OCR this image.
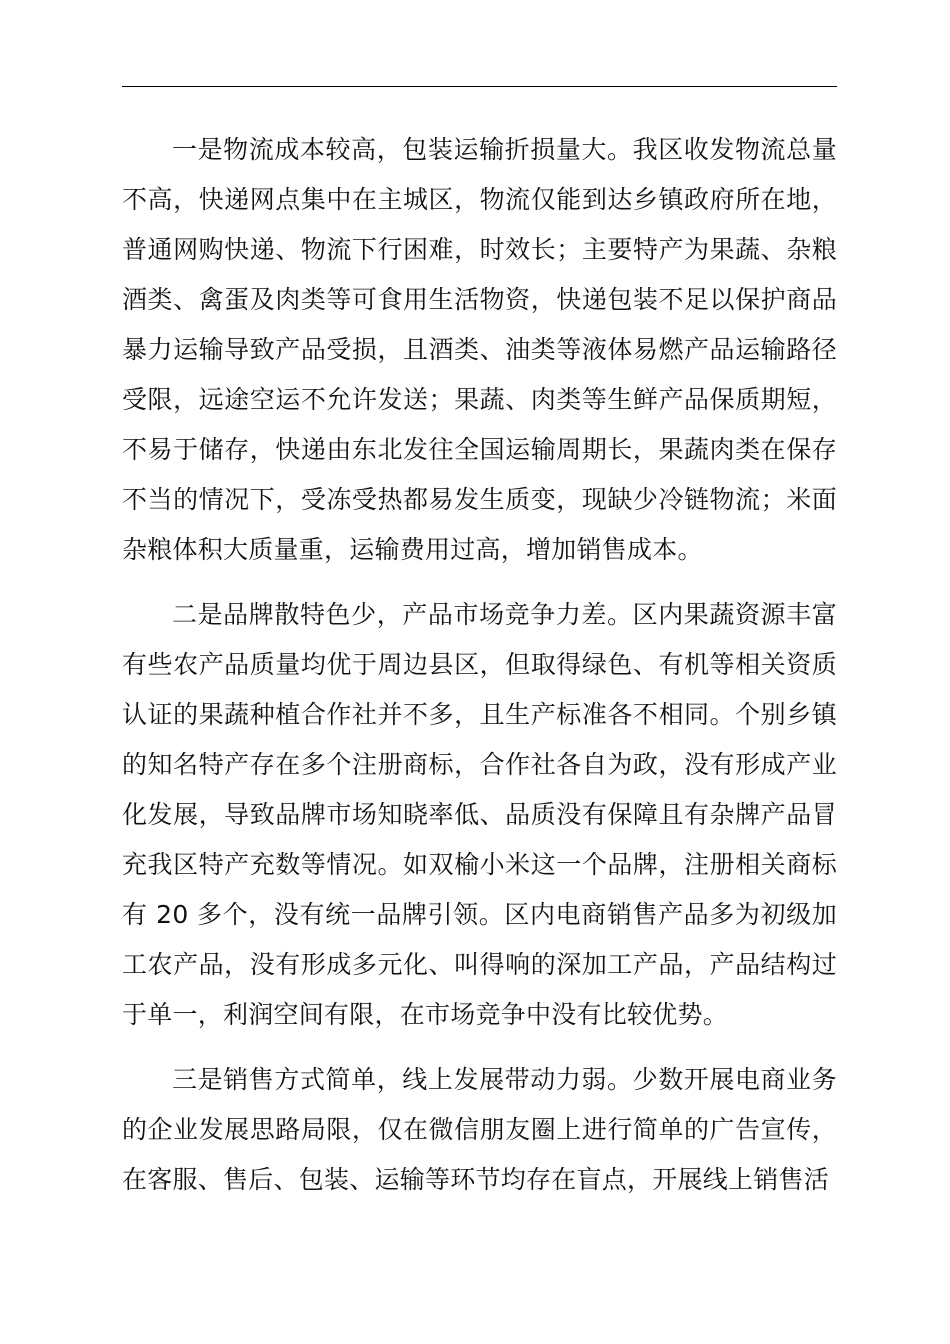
一是物流成本较高，包装运输折损量大。我区收发物流总量不高，快递网点集中在主城区，物流仅能到达乡镇政府所在地，普通网购快递、物流下行困难，时效长；主要特产为果蔬、杂粮酒类、禽蛋及肉类等可食用生活物资，快递包装不足以保护商品暴力运输导致产品受损，且酒类、油类等液体易燃产品运输路径受限，远途空运不允许发送；果蔬、肉类等生鲜产品保质期短，不易于储存，快递由东北发往全国运输周期长，果蔬肉类在保存不当的情况下，受冻受热都易发生质变，现缺少冷链物流；米面杂粮体积大质量重，运输费用过高，增加销售成本。

二是品牌散特色少，产品市场竞争力差。区内果蔬资源丰富有些农产品质量均优于周边县区，但取得绿色、有机等相关资质认证的果蔬种植合作社并不多，且生产标准各不相同。个别乡镇的知名特产存在多个注册商标，合作社各自为政，没有形成产业化发展，导致品牌市场知晓率低、品质没有保障且有杂牌产品冒充我区特产充数等情况。如双榆小米这一个品牌，注册相关商标有 20 多个，没有统一品牌引领。区内电商销售产品多为初级加工农产品，没有形成多元化、叫得响的深加工产品，产品结构过于单一，利润空间有限，在市场竞争中没有比较优势。

三是销售方式简单，线上发展带动力弱。少数开展电商业务的企业发展思路局限，仅在微信朋友圈上进行简单的广告宣传，在客服、售后、包装、运输等环节均存在盲点，开展线上销售活
